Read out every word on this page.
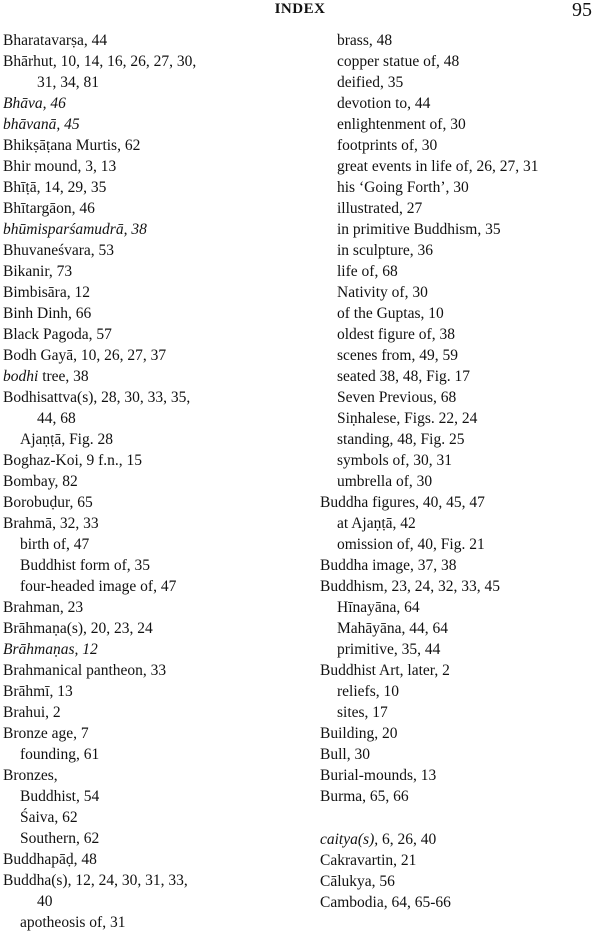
INDEX	95
Bharatavarṣa, 44
Bhārhut, 10, 14, 16, 26, 27, 30,
31, 34, 81
Bhāva, 46
bhāvanā, 45
Bhikṣāṭana Murtis, 62
Bhir mound, 3, 13
Bhīṭā, 14, 29, 35
Bhītargāon, 46
bhūmisparśamudrā, 38
Bhuvaneśvara, 53
Bikanir, 73
Bimbisāra, 12
Binh Dinh, 66
Black Pagoda, 57
Bodh Gayā, 10, 26, 27, 37
bodhi tree, 38
Bodhisattva(s), 28, 30, 33, 35,
44, 68
Ajaṇṭā, Fig. 28
Boghaz-Koi, 9 f.n., 15
Bombay, 82
Borobuḍur, 65
Brahmā, 32, 33
birth of, 47
Buddhist form of, 35
four-headed image of, 47
Brahman, 23
Brāhmaṇa(s), 20, 23, 24
Brāhmaṇas, 12
Brahmanical pantheon, 33
Brāhmī, 13
Brahui, 2
Bronze age, 7
founding, 61
Bronzes,
Buddhist, 54
Śaiva, 62
Southern, 62
Buddhapāḍ, 48
Buddha(s), 12, 24, 30, 31, 33,
40
apotheosis of, 31
brass, 48
copper statue of, 48
deified, 35
devotion to, 44
enlightenment of, 30
footprints of, 30
great events in life of, 26, 27, 31
his ‘Going Forth’, 30
illustrated, 27
in primitive Buddhism, 35
in sculpture, 36
life of, 68
Nativity of, 30
of the Guptas, 10
oldest figure of, 38
scenes from, 49, 59
seated 38, 48, Fig. 17
Seven Previous, 68
Siṇhalese, Figs. 22, 24
standing, 48, Fig. 25
symbols of, 30, 31
umbrella of, 30
Buddha figures, 40, 45, 47
at Ajaṇṭā, 42
omission of, 40, Fig. 21
Buddha image, 37, 38
Buddhism, 23, 24, 32, 33, 45
Hīnayāna, 64
Mahāyāna, 44, 64
primitive, 35, 44
Buddhist Art, later, 2
reliefs, 10
sites, 17
Building, 20
Bull, 30
Burial-mounds, 13
Burma, 65, 66
caitya(s), 6, 26, 40
Cakravartin, 21
Cālukya, 56
Cambodia, 64, 65-66
